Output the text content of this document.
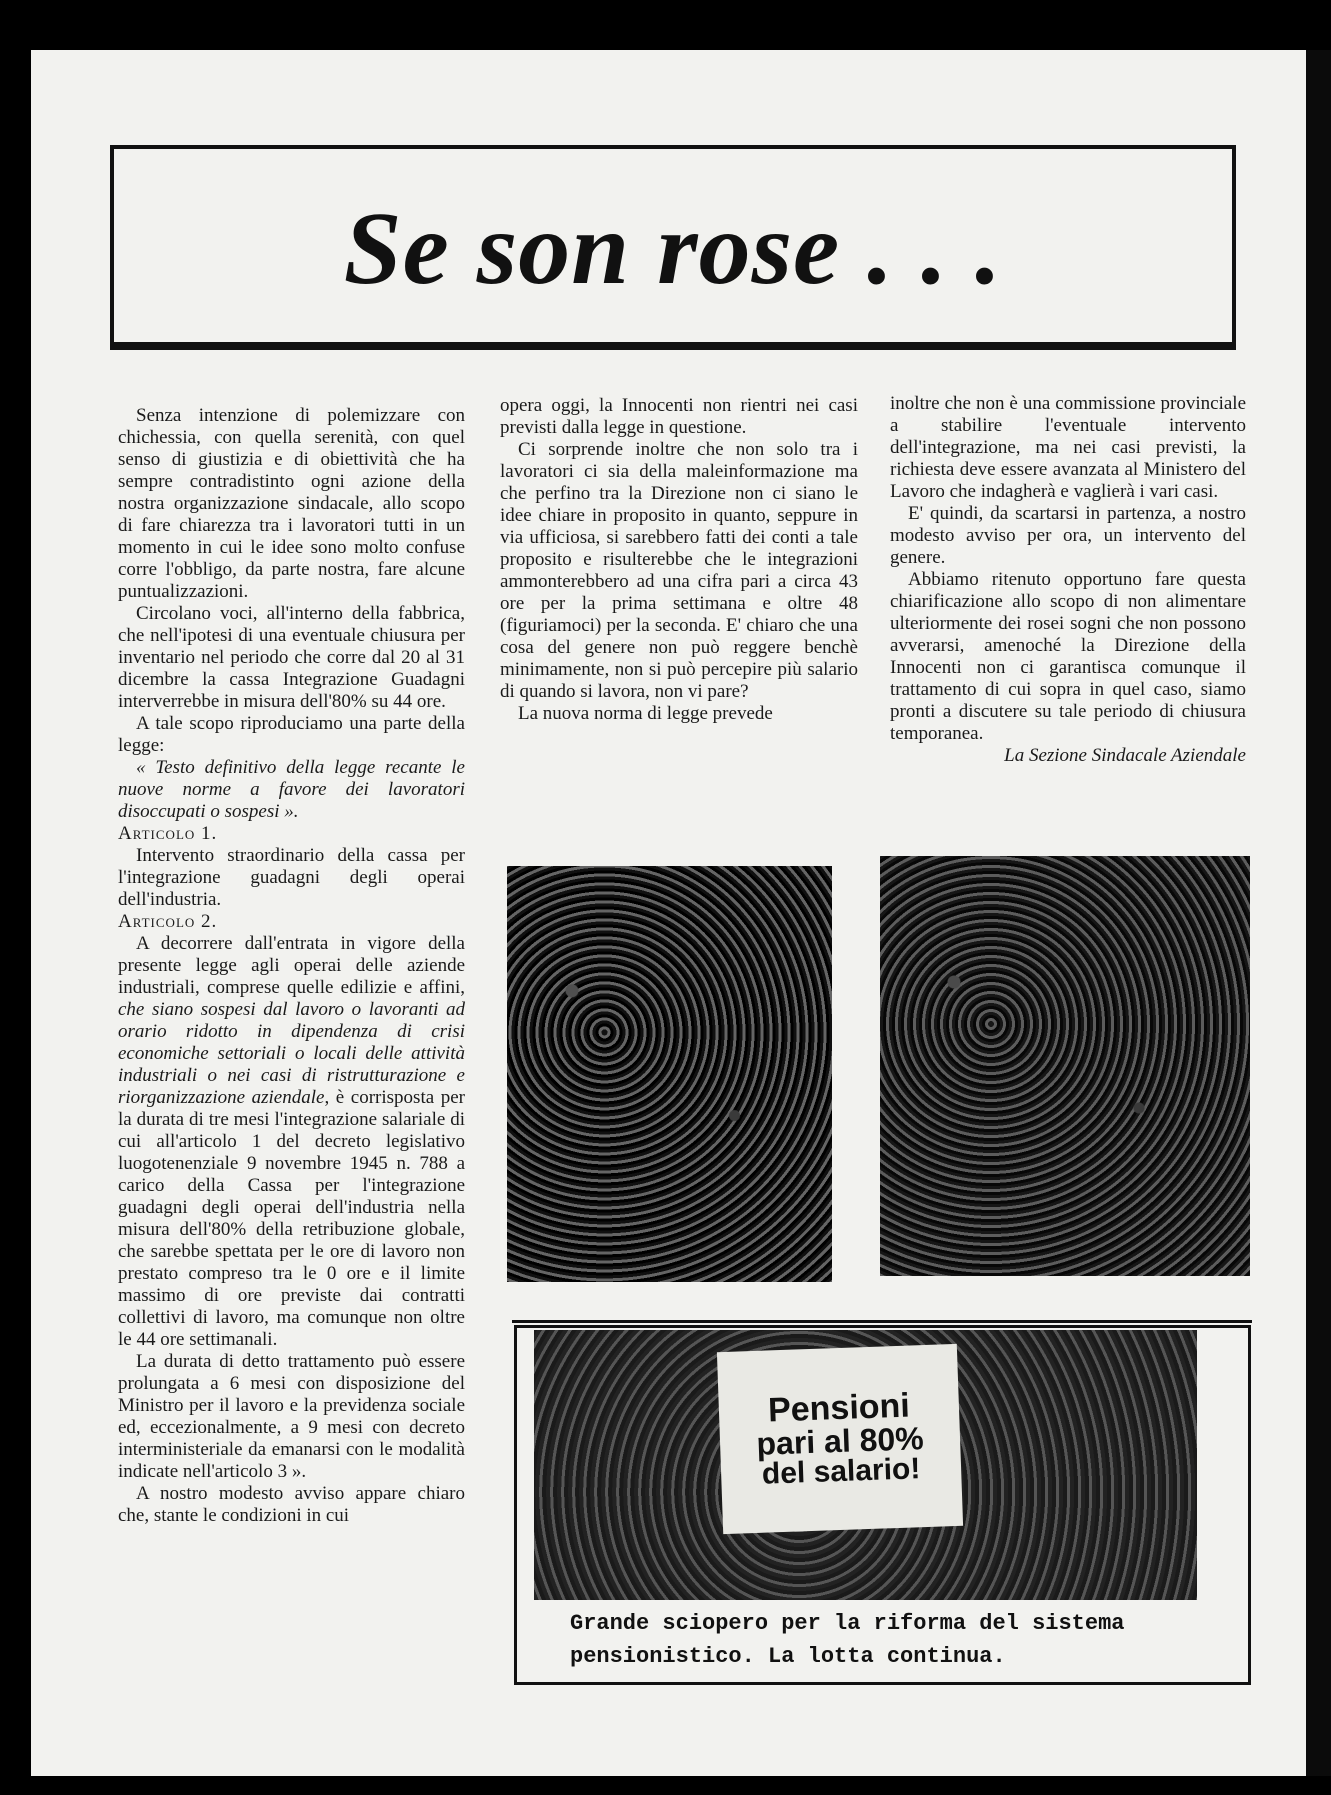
Se son rose . . .

Senza intenzione di polemizzare con chichessia, con quella serenità, con quel senso di giustizia e di obiettività che ha sempre contradistinto ogni azione della nostra organizzazione sindacale, allo scopo di fare chiarezza tra i lavoratori tutti in un momento in cui le idee sono molto confuse corre l'obbligo, da parte nostra, fare alcune puntualizzazioni.

Circolano voci, all'interno della fabbrica, che nell'ipotesi di una eventuale chiusura per inventario nel periodo che corre dal 20 al 31 dicembre la cassa Integrazione Guadagni interverrebbe in misura dell'80% su 44 ore.

A tale scopo riproduciamo una parte della legge:

« Testo definitivo della legge recante le nuove norme a favore dei lavoratori disoccupati o sospesi ».

Articolo 1.

Intervento straordinario della cassa per l'integrazione guadagni degli operai dell'industria.

Articolo 2.

A decorrere dall'entrata in vigore della presente legge agli operai delle aziende industriali, comprese quelle edilizie e affini, che siano sospesi dal lavoro o lavoranti ad orario ridotto in dipendenza di crisi economiche settoriali o locali delle attività industriali o nei casi di ristrutturazione e riorganizzazione aziendale, è corrisposta per la durata di tre mesi l'integrazione salariale di cui all'articolo 1 del decreto legislativo luogotenenziale 9 novembre 1945 n. 788 a carico della Cassa per l'integrazione guadagni degli operai dell'industria nella misura dell'80% della retribuzione globale, che sarebbe spettata per le ore di lavoro non prestato compreso tra le 0 ore e il limite massimo di ore previste dai contratti collettivi di lavoro, ma comunque non oltre le 44 ore settimanali.

La durata di detto trattamento può essere prolungata a 6 mesi con disposizione del Ministro per il lavoro e la previdenza sociale ed, eccezionalmente, a 9 mesi con decreto interministeriale da emanarsi con le modalità indicate nell'articolo 3 ».

A nostro modesto avviso appare chiaro che, stante le condizioni in cui

opera oggi, la Innocenti non rientri nei casi previsti dalla legge in questione.

Ci sorprende inoltre che non solo tra i lavoratori ci sia della maleinformazione ma che perfino tra la Direzione non ci siano le idee chiare in proposito in quanto, seppure in via ufficiosa, si sarebbero fatti dei conti a tale proposito e risulterebbe che le integrazioni ammonterebbero ad una cifra pari a circa 43 ore per la prima settimana e oltre 48 (figuriamoci) per la seconda. E' chiaro che una cosa del genere non può reggere benchè minimamente, non si può percepire più salario di quando si lavora, non vi pare?

La nuova norma di legge prevede

inoltre che non è una commissione provinciale a stabilire l'eventuale intervento dell'integrazione, ma nei casi previsti, la richiesta deve essere avanzata al Ministero del Lavoro che indagherà e vaglierà i vari casi.

E' quindi, da scartarsi in partenza, a nostro modesto avviso per ora, un intervento del genere.

Abbiamo ritenuto opportuno fare questa chiarificazione allo scopo di non alimentare ulteriormente dei rosei sogni che non possono avverarsi, amenoché la Direzione della Innocenti non ci garantisca comunque il trattamento di cui sopra in quel caso, siamo pronti a discutere su tale periodo di chiusura temporanea.

La Sezione Sindacale Aziendale

Pensioni
pari al 80%
del salario!
Grande sciopero per la riforma del sistema pensionistico. La lotta continua.
